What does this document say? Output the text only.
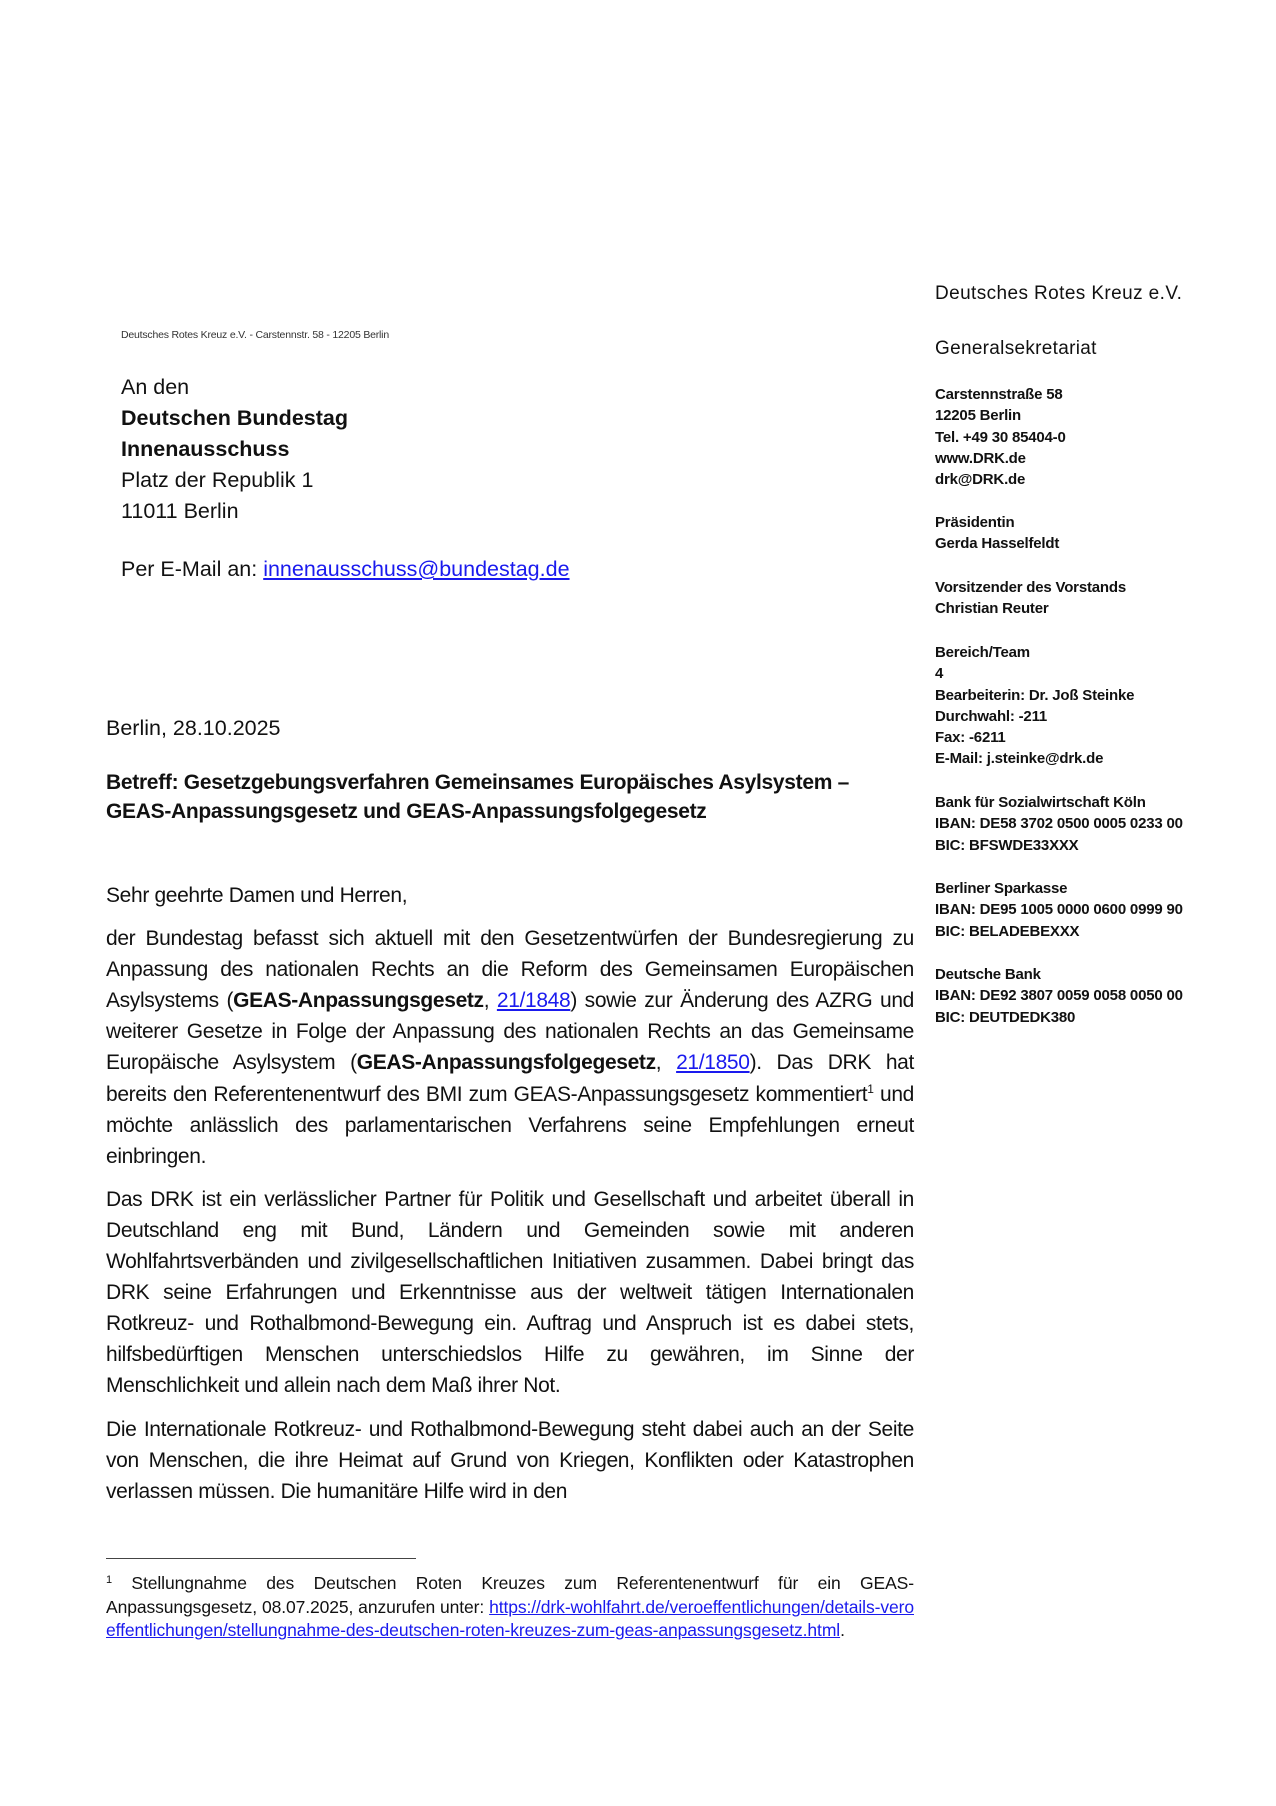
Deutsches Rotes Kreuz e.V. - Carstennstr. 58 - 12205 Berlin
An den
Deutschen Bundestag
Innenausschuss
Platz der Republik 1
11011 Berlin
Per E-Mail an: innenausschuss@bundestag.de
Deutsches Rotes Kreuz e.V.
Generalsekretariat
Carstennstraße 58
12205 Berlin
Tel. +49 30 85404-0
www.DRK.de
drk@DRK.de
Präsidentin
Gerda Hasselfeldt
Vorsitzender des Vorstands
Christian Reuter
Bereich/Team
4
Bearbeiterin: Dr. Joß Steinke
Durchwahl: -211
Fax: -6211
E-Mail: j.steinke@drk.de
Bank für Sozialwirtschaft Köln
IBAN: DE58 3702 0500 0005 0233 00
BIC: BFSWDE33XXX
Berliner Sparkasse
IBAN: DE95 1005 0000 0600 0999 90
BIC: BELADEBEXXX
Deutsche Bank
IBAN: DE92 3807 0059 0058 0050 00
BIC: DEUTDEDK380
Berlin, 28.10.2025
Betreff: Gesetzgebungsverfahren Gemeinsames Europäisches Asylsystem – GEAS-Anpassungsgesetz und GEAS-Anpassungsfolgegesetz

Sehr geehrte Damen und Herren,

der Bundestag befasst sich aktuell mit den Gesetzentwürfen der Bundesregierung zu Anpassung des nationalen Rechts an die Reform des Gemeinsamen Europäischen Asylsystems (GEAS-Anpassungsgesetz, 21/1848) sowie zur Änderung des AZRG und weiterer Gesetze in Folge der Anpassung des nationalen Rechts an das Gemeinsame Europäische Asylsystem (GEAS-Anpassungsfolgegesetz, 21/1850). Das DRK hat bereits den Referentenentwurf des BMI zum GEAS-Anpassungsgesetz kommentiert$^1$ und möchte anlässlich des parlamentarischen Verfahrens seine Empfehlungen erneut einbringen.

Das DRK ist ein verlässlicher Partner für Politik und Gesellschaft und arbeitet überall in Deutschland eng mit Bund, Ländern und Gemeinden sowie mit anderen Wohlfahrtsverbänden und zivilgesellschaftlichen Initiativen zusammen. Dabei bringt das DRK seine Erfahrungen und Erkenntnisse aus der weltweit tätigen Internationalen Rotkreuz- und Rothalbmond-Bewegung ein. Auftrag und Anspruch ist es dabei stets, hilfsbedürftigen Menschen unterschiedslos Hilfe zu gewähren, im Sinne der Menschlichkeit und allein nach dem Maß ihrer Not.

Die Internationale Rotkreuz- und Rothalbmond-Bewegung steht dabei auch an der Seite von Menschen, die ihre Heimat auf Grund von Kriegen, Konflikten oder Katastrophen verlassen müssen. Die humanitäre Hilfe wird in den

$^1$ Stellungnahme des Deutschen Roten Kreuzes zum Referentenentwurf für ein GEAS-Anpassungsgesetz, 08.07.2025, anzurufen unter: https://drk-wohlfahrt.de/veroeffentlichungen/details-veroeffentlichungen/stellungnahme-des-deutschen-roten-kreuzes-zum-geas-anpassungsgesetz.html.
